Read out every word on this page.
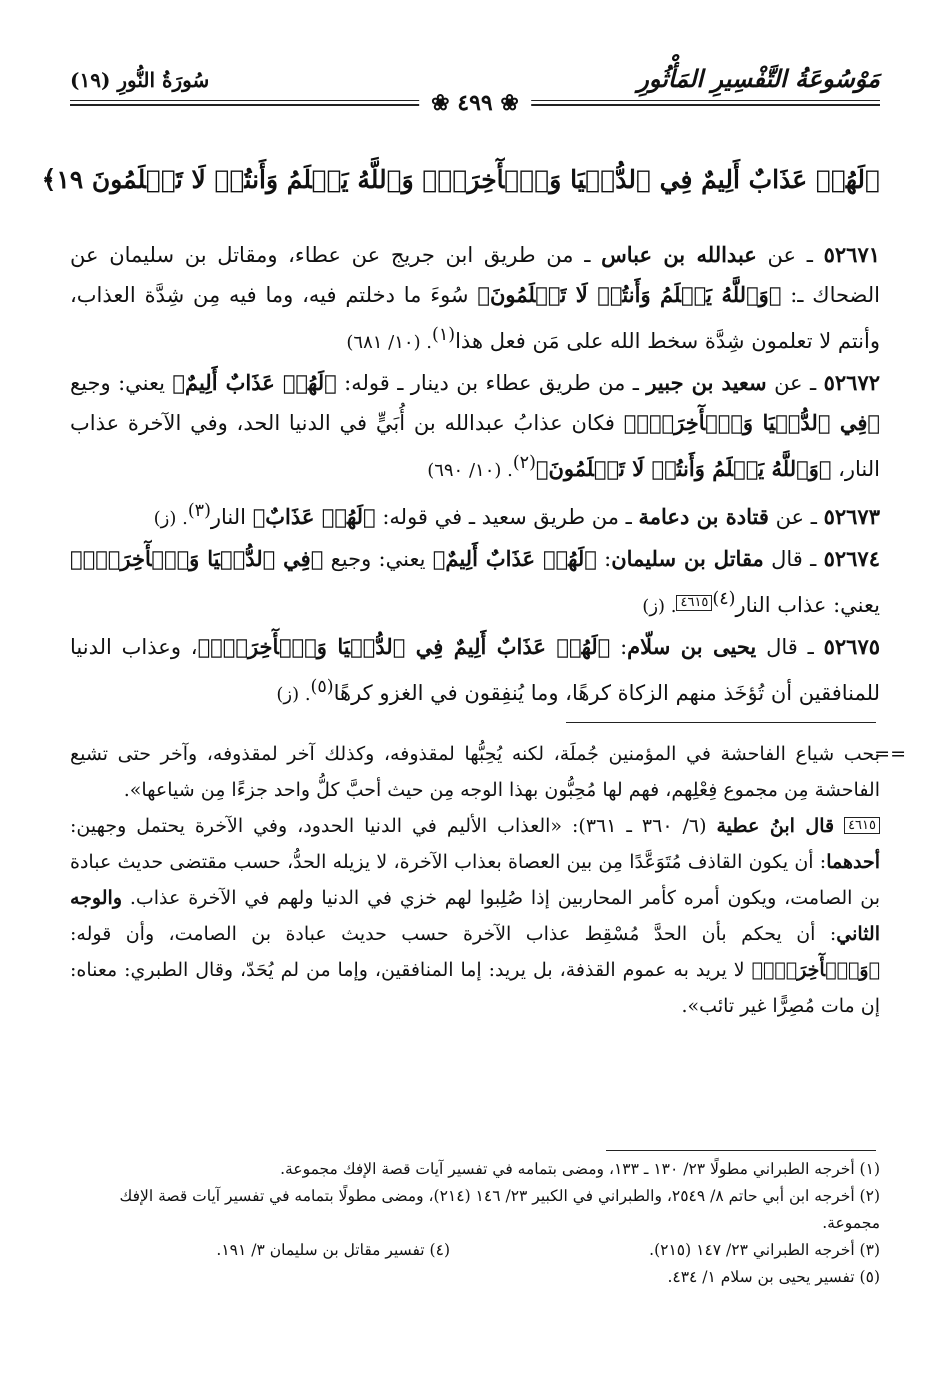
مَوْسُوعَةُ التَّفْسِيرِ المَأْثُورِ
سُورَةُ النُّورِ (١٩)
❀ ٤٩٩ ❀
﴿لَهُمۡ عَذَابٌ أَلِيمٌ فِي ٱلدُّنۡيَا وَٱلۡأٓخِرَةِۚ وَٱللَّهُ يَعۡلَمُ وَأَنتُمۡ لَا تَعۡلَمُونَ ١٩﴾

٥٢٦٧١ ـ عن عبدالله بن عباس ـ من طريق ابن جريج عن عطاء، ومقاتل بن سليمان عن الضحاك ـ: ﴿وَٱللَّهُ يَعۡلَمُ وَأَنتُمۡ لَا تَعۡلَمُونَ﴾ سُوءَ ما دخلتم فيه، وما فيه مِن شِدَّة العذاب، وأنتم لا تعلمون شِدَّة سخط الله على مَن فعل هذا$^{(١)}$. (١٠/ ٦٨١)

٥٢٦٧٢ ـ عن سعيد بن جبير ـ من طريق عطاء بن دينار ـ قوله: ﴿لَهُمۡ عَذَابٌ أَلِيمٌ﴾ يعني: وجيع ﴿فِي ٱلدُّنۡيَا وَٱلۡأٓخِرَةِۚ﴾ فكان عذابُ عبدالله بن أُبَيٍّ في الدنيا الحد، وفي الآخرة عذاب النار، ﴿وَٱللَّهُ يَعۡلَمُ وَأَنتُمۡ لَا تَعۡلَمُونَ﴾$^{(٢)}$. (١٠/ ٦٩٠)

٥٢٦٧٣ ـ عن قتادة بن دعامة ـ من طريق سعيد ـ في قوله: ﴿لَهُمۡ عَذَابٌ﴾ النار$^{(٣)}$. (ز)

٥٢٦٧٤ ـ قال مقاتل بن سليمان: ﴿لَهُمۡ عَذَابٌ أَلِيمٌ﴾ يعني: وجيع ﴿فِي ٱلدُّنۡيَا وَٱلۡأٓخِرَةِۚ﴾ يعني: عذاب النار$^{(٤)}$٤٦١٥. (ز)

٥٢٦٧٥ ـ قال يحيى بن سلّام: ﴿لَهُمۡ عَذَابٌ أَلِيمٌ فِي ٱلدُّنۡيَا وَٱلۡأٓخِرَةِۚ﴾، وعذاب الدنيا للمنافقين أن تُؤخَذ منهم الزكاة كرهًا، وما يُنفِقون في الغزو كرهًا$^{(٥)}$. (ز)

==

بحب شياع الفاحشة في المؤمنين جُملَة، لكنه يُحِبُّها لمقذوفه، وكذلك آخر لمقذوفه، وآخر حتى تشيع الفاحشة مِن مجموع فِعْلِهم، فهم لها مُحِبُّون بهذا الوجه مِن حيث أحبَّ كلُّ واحد جزءًا مِن شياعها».

٤٦١٥ قال ابنُ عطية (٦/ ٣٦٠ ـ ٣٦١): «العذاب الأليم في الدنيا الحدود، وفي الآخرة يحتمل وجهين: أحدهما: أن يكون القاذف مُتَوَعَّدًا مِن بين العصاة بعذاب الآخرة، لا يزيله الحدُّ، حسب مقتضى حديث عبادة بن الصامت، ويكون أمره كأمر المحاربين إذا صُلِبوا لهم خزي في الدنيا ولهم في الآخرة عذاب. والوجه الثاني: أن يحكم بأن الحدَّ مُسْقِط عذاب الآخرة حسب حديث عبادة بن الصامت، وأن قوله: ﴿وَٱلۡأٓخِرَةِۚ﴾ لا يريد به عموم القذفة، بل يريد: إما المنافقين، وإما من لم يُحَدّ، وقال الطبري: معناه: إن مات مُصِرًّا غير تائب».

(١) أخرجه الطبراني مطولًا ٢٣/ ١٣٠ ـ ١٣٣، ومضى بتمامه في تفسير آيات قصة الإفك مجموعة.

(٢) أخرجه ابن أبي حاتم ٨/ ٢٥٤٩، والطبراني في الكبير ٢٣/ ١٤٦ (٢١٤)، ومضى مطولًا بتمامه في تفسير آيات قصة الإفك مجموعة.

(٣) أخرجه الطبراني ٢٣/ ١٤٧ (٢١٥).
(٤) تفسير مقاتل بن سليمان ٣/ ١٩١.

(٥) تفسير يحيى بن سلام ١/ ٤٣٤.
